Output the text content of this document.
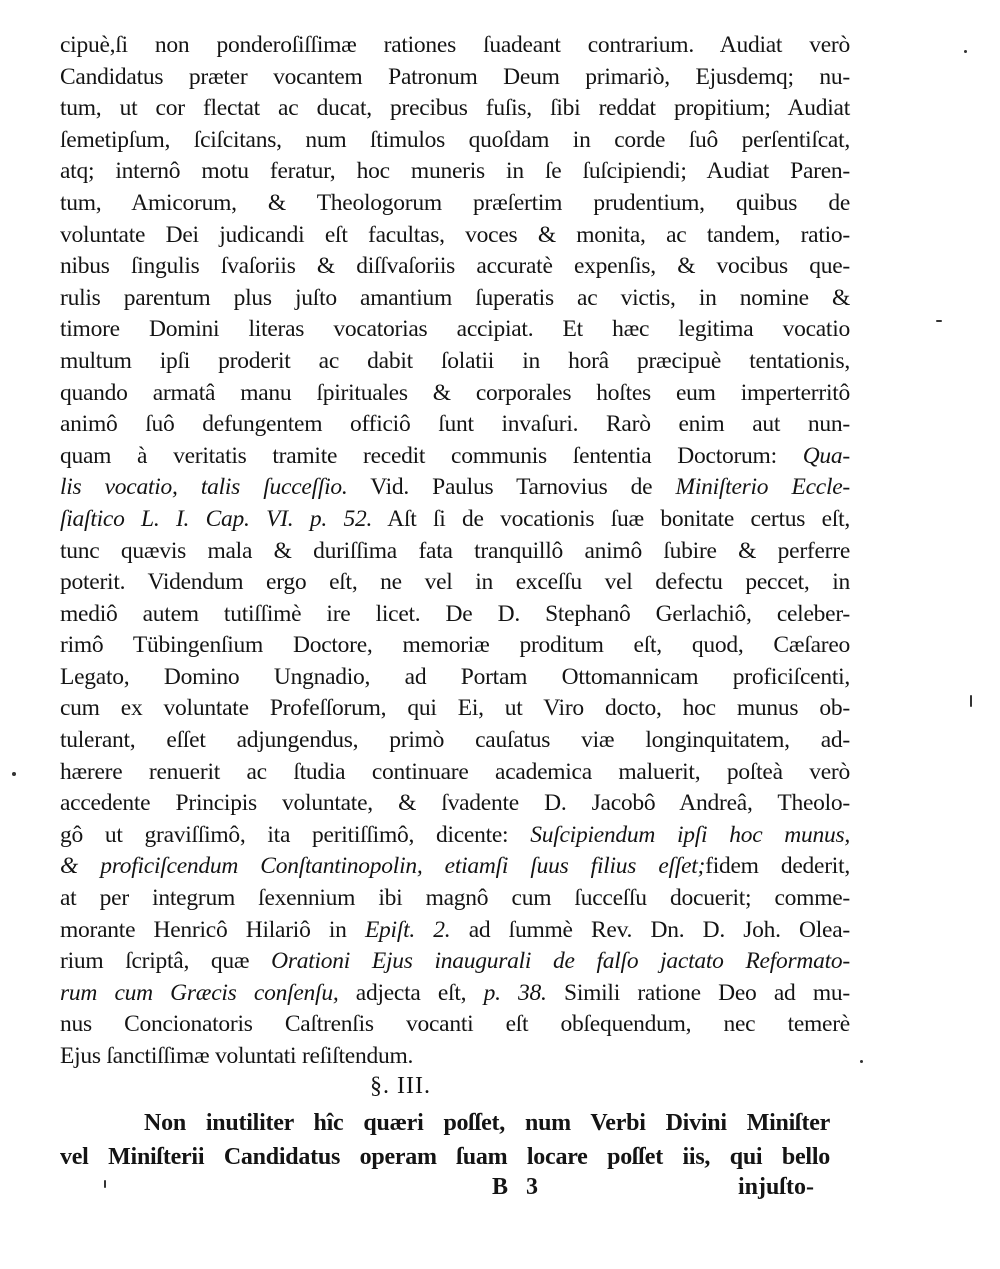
cipuè,ſi non ponderoſiſſimæ rationes ſuadeant contrarium. Audiat verò
Candidatus præter vocantem Patronum Deum primariò, Ejusdemq; nu-
tum, ut cor flectat ac ducat, precibus fuſis, ſibi reddat propitium; Audiat
ſemetipſum, ſciſcitans, num ſtimulos quoſdam in corde ſuô perſentiſcat,
atq; internô motu feratur, hoc muneris in ſe ſuſcipiendi; Audiat Paren-
tum, Amicorum, & Theologorum præſertim prudentium, quibus de
voluntate Dei judicandi eſt facultas, voces & monita, ac tandem, ratio-
nibus ſingulis ſvaſoriis & diſſvaſoriis accuratè expenſis, & vocibus que-
rulis parentum plus juſto amantium ſuperatis ac victis, in nomine &
timore Domini literas vocatorias accipiat. Et hæc legitima vocatio
multum ipſi proderit ac dabit ſolatii in horâ præcipuè tentationis,
quando armatâ manu ſpirituales & corporales hoſtes eum imperterritô
animô ſuô defungentem officiô ſunt invaſuri. Rarò enim aut nun-
quam à veritatis tramite recedit communis ſententia Doctorum: Qua-
lis vocatio, talis ſucceſſio. Vid. Paulus Tarnovius de Miniſterio Eccle-
ſiaſtico L. I. Cap. VI. p. 52. Aſt ſi de vocationis ſuæ bonitate certus eſt,
tunc quævis mala & duriſſima fata tranquillô animô ſubire & perferre
poterit. Videndum ergo eſt, ne vel in exceſſu vel defectu peccet, in
mediô autem tutiſſimè ire licet. De D. Stephanô Gerlachiô, celeber-
rimô Tübingenſium Doctore, memoriæ proditum eſt, quod, Cæſareo
Legato, Domino Ungnadio, ad Portam Ottomannicam proficiſcenti,
cum ex voluntate Profeſſorum, qui Ei, ut Viro docto, hoc munus ob-
tulerant, eſſet adjungendus, primò cauſatus viæ longinquitatem, ad-
hærere renuerit ac ſtudia continuare academica maluerit, poſteà verò
accedente Principis voluntate, & ſvadente D. Jacobô Andreâ, Theolo-
gô ut graviſſimô, ita peritiſſimô, dicente: Suſcipiendum ipſi hoc munus,
& proficiſcendum Conſtantinopolin, etiamſi ſuus filius eſſet;fidem dederit,
at per integrum ſexennium ibi magnô cum ſucceſſu docuerit; comme-
morante Henricô Hilariô in Epiſt. 2. ad ſummè Rev. Dn. D. Joh. Olea-
rium ſcriptâ, quæ Orationi Ejus inaugurali de falſo jactato Reformato-
rum cum Græcis conſenſu, adjecta eſt, p. 38. Simili ratione Deo ad mu-
nus Concionatoris Caſtrenſis vocanti eſt obſequendum, nec temerè
Ejus ſanctiſſimæ voluntati reſiſtendum.
§. III.
Non inutiliter hîc quæri poſſet, num Verbi Divini Miniſter
vel Miniſterii Candidatus operam ſuam locare poſſet iis, qui bello
B 3	injuſto-
